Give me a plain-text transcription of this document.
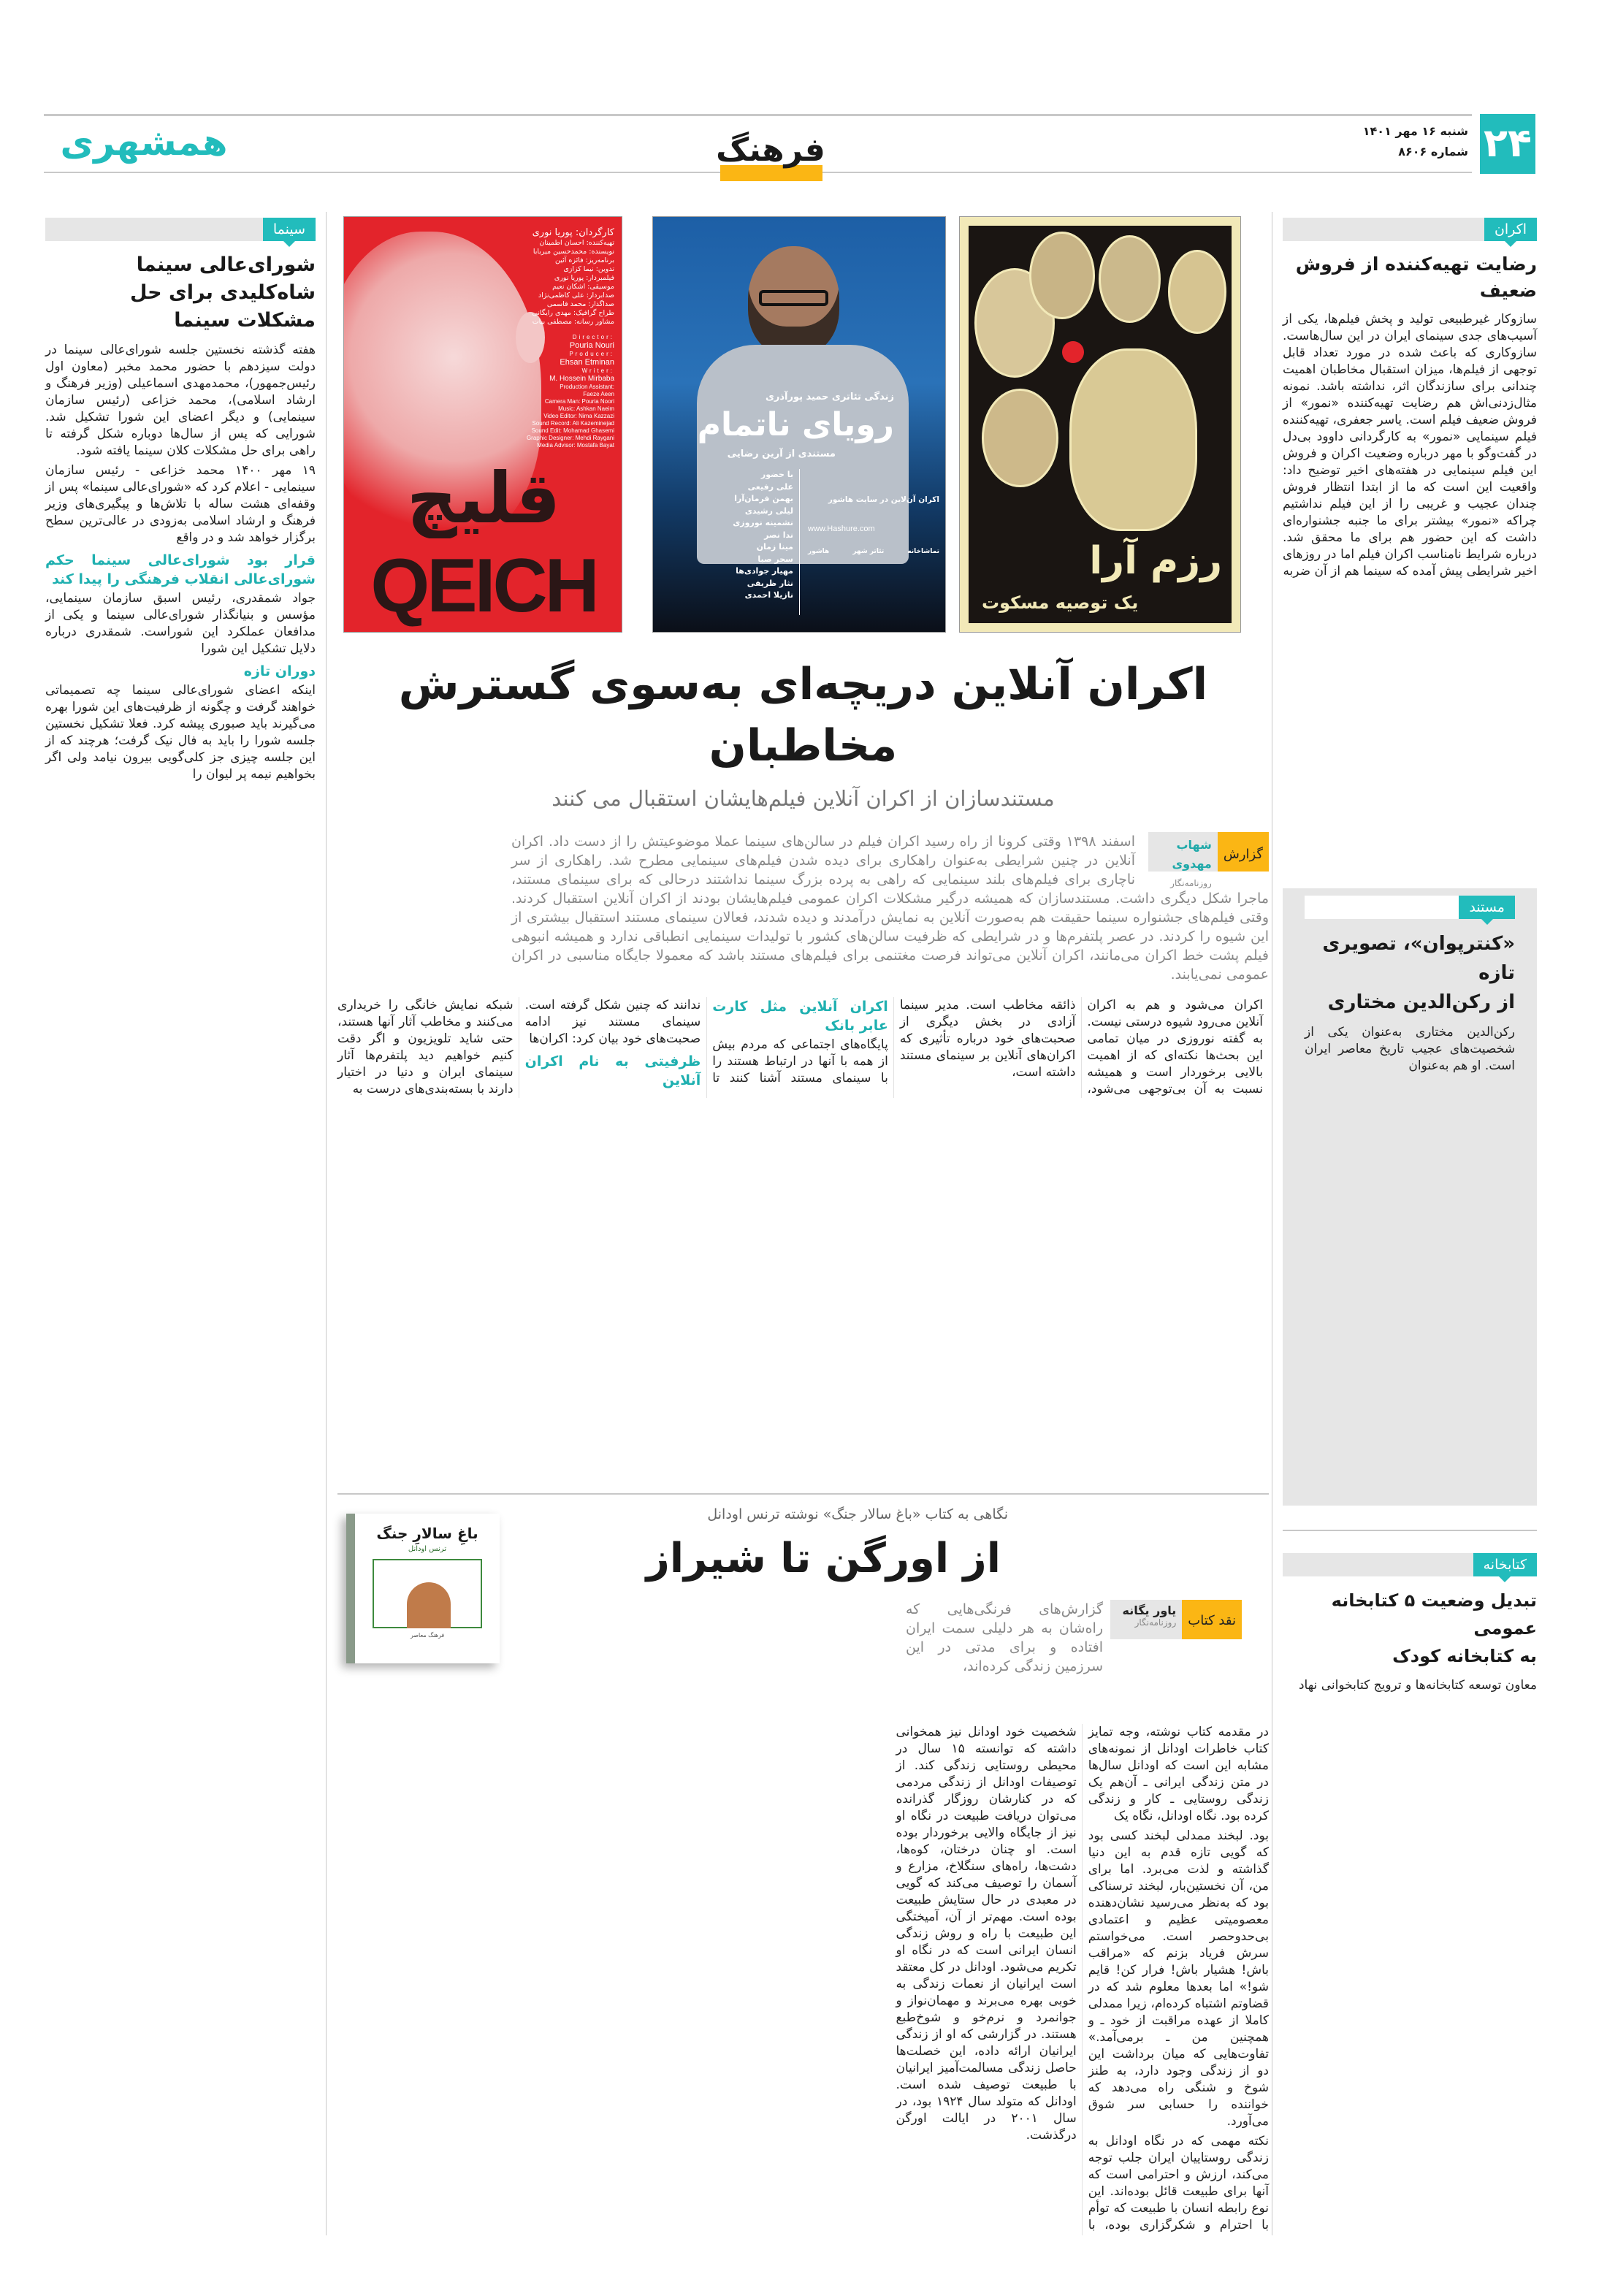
۲۴
شنبه ۱۶ مهر ۱۴۰۱
شماره ۸۶۰۶
همشهری	فرهنگ
سینما
شورای‌عالی سینما
شاه‌کلیدی برای حل مشکلات سینما

هفته گذشته نخستین جلسه شورای‌عالی سینما در دولت سیزدهم با حضور محمد مخبر (معاون اول رئیس‌جمهور)، محمدمهدی اسماعیلی (وزیر فرهنگ و ارشاد اسلامی)، محمد خزاعی (رئیس سازمان سینمایی) و دیگر اعضای این شورا تشکیل شد. شورایی که پس از سال‌ها دوباره شکل گرفته تا راهی برای حل مشکلات کلان سینما یافته شود.

۱۹ مهر ۱۴۰۰ محمد خزاعی - رئیس سازمان سینمایی - اعلام کرد که «شورای‌عالی سینما» پس از وقفه‌ای هشت ساله با تلاش‌ها و پیگیری‌های وزیر فرهنگ و ارشاد اسلامی به‌زودی در عالی‌ترین سطح برگزار خواهد شد و در واقع

قرار بود شورای‌عالی سینما حکم شورای‌عالی انقلاب فرهنگی را پیدا کند

جواد شمقدری، رئیس اسبق سازمان سینمایی، مؤسس و بنیانگذار شورای‌عالی سینما و یکی از مدافعان عملکرد این شوراست. شمقدری درباره دلایل تشکیل این شورا

دوران تازه

اینکه اعضای شورای‌عالی سینما چه تصمیماتی خواهند گرفت و چگونه از ظرفیت‌های این شورا بهره می‌گیرند باید صبوری پیشه کرد. فعلا تشکیل نخستین جلسه شورا را باید به فال نیک گرفت؛ هرچند که از این جلسه چیزی جز کلی‌گویی بیرون نیامد ولی اگر بخواهیم نیمه پر لیوان را

کارگردان: پوریا نوری
تهیه‌کننده: احسان اطمینان
نویسنده: محمدحسین میربابا
برنامه‌ریز: فائزه آئین
تدوین: نیما کزازی
فیلمبردار: پوریا نوری
موسیقی: اشکان نعیم
صدابردار: علی کاظمی‌نژاد
صداگذار: محمد قاسمی
طراح گرافیک: مهدی رایگانی
مشاور رسانه: مصطفی بیات
Director:
Pouria Nouri
Producer:
Ehsan Etminan
Writer:
M. Hossein Mirbaba
Production Assistant:
Faeze Aeen
Camera Man: Pouria Noori
Music: Ashkan Naeim
Video Editor: Nima Kazzazi
Sound Record: Ali Kazeminejad
Sound Edit: Mohamad Ghasemi
Graphic Designer: Mehdi Raygani
Media Advisor: Mostafa Bayat
قلیچ
QEICH
زندگی تئاتری حمید پورآذری
رویای ناتمام
مستندی از آرین رضایی
با حضور
علی رفیعی
بهمن فرمان‌آرا
لیلی رشیدی
نشمینه نوروزی
ندا نصر
مینا زمان
سحر صبا
مهیار جوادی‌ها
نثار ظریفی
نازیلا احمدی
اکران آن‌لاین در سایت هاشور
www.Hashure.com
تماشاخانه
تئاتر شهر
هاشور	رزم آرا
یک توصیه مسکوت
اکران آنلاین دریچه‌ای به‌سوی گسترش مخاطبان
مستندسازان از اکران آنلاین فیلم‌هایشان استقبال می کنند
گزارش
شهاب مهدوی
روزنامه‌نگار
اسفند ۱۳۹۸ وقتی کرونا از راه رسید اکران فیلم در سالن‌های سینما عملا موضوعیتش را از دست داد. اکران آنلاین در چنین شرایطی به‌عنوان راهکاری برای دیده شدن فیلم‌های سینمایی مطرح شد. راهکاری از سر ناچاری برای فیلم‌های بلند سینمایی که راهی به پرده بزرگ سینما نداشتند درحالی که برای سینمای مستند، ماجرا شکل دیگری داشت. مستندسازان که همیشه درگیر مشکلات اکران عمومی فیلم‌هایشان بودند از اکران آنلاین استقبال کردند. وقتی فیلم‌های جشنواره سینما حقیقت هم به‌صورت آنلاین به نمایش درآمدند و دیده شدند، فعالان سینمای مستند استقبال بیشتری از این شیوه را کردند. در عصر پلتفرم‌ها و در شرایطی که ظرفیت سالن‌های کشور با تولیدات سینمایی انطباقی ندارد و همیشه انبوهی فیلم پشت خط اکران می‌مانند، اکران آنلاین می‌تواند فرصت مغتنمی برای فیلم‌های مستند باشد که معمولا جایگاه مناسبی در اکران عمومی نمی‌یابند.

اکران می‌شود و هم به اکران آنلاین می‌رود شیوه درستی نیست. به گفته نوروزی در میان تمامی این بحث‌ها نکته‌ای که از اهمیت بالایی برخوردار است و همیشه نسبت به آن بی‌توجهی می‌شود، ذائقه مخاطب است. مدیر سینما آزادی در بخش دیگری از صحبت‌های خود درباره تأثیری که اکران‌های آنلاین بر سینمای مستند داشته است،

اکران آنلاین مثل کارت عابر بانک

پایگاه‌های اجتماعی که مردم بیش از همه با آنها در ارتباط هستند را با سینمای مستند آشنا کنند تا ندانند که چنین شکل گرفته است. سینمای مستند نیز ادامه صحبت‌های خود بیان کرد: اکران‌ها

ظرفیتی به نام اکران آنلاین

شبکه نمایش خانگی را خریداری می‌کنند و مخاطب آثار آنها هستند، حتی شاید تلویزیون و اگر دقت کنیم خواهیم دید پلتفرم‌ها آثار سینمای ایران و دنیا در اختیار دارند با بسته‌بندی‌های درست به

نگاهی به کتاب «باغ سالار جنگ» نوشته ترنس اودانل
از اورگن تا شیراز
نقد کتاب
یاور یگانه
روزنامه‌نگار
گزارش‌های فرنگی‌هایی که راه‌شان به هر دلیلی سمت ایران افتاده و برای مدتی در این سرزمین زندگی کرده‌اند،
باغِ سالارِ جنگ
ترنس اودانل
فرهنگ معاصر

در مقدمه کتاب نوشته، وجه تمایز کتاب خاطرات اودانل از نمونه‌های مشابه این است که اودانل سال‌ها در متن زندگی ایرانی ـ آن‌هم یک زندگی روستایی ـ کار و زندگی کرده بود. نگاه اودانل، نگاه یک

بود. لبخند ممدلی لبخند کسی بود که گویی تازه قدم به این دنیا گذاشته و لذت می‌برد. اما برای من، آن نخستین‌بار، لبخند ترسناکی بود که به‌نظر می‌رسید نشان‌دهنده معصومیتی عظیم و اعتمادی بی‌حدوحصر است. می‌خواستم سرش فریاد بزنم که «مراقب باش! هشیار باش! فرار کن! قایم شو!» اما بعدها معلوم شد که در قضاوتم اشتباه کرده‌ام، زیرا ممدلی کاملا از عهده مراقبت از خود ـ و همچنین من ـ برمی‌آمد.» تفاوت‌هایی که میان برداشت این دو از زندگی وجود دارد، به طنز شوخ و شنگی راه می‌دهد که خواننده را حسابی سر شوق می‌آورد.

نکته مهمی که در نگاه اودانل به زندگی روستاییان ایران جلب توجه می‌کند، ارزش و احترامی است که آنها برای طبیعت قائل بوده‌اند. این نوع رابطه انسان با طبیعت که توأم با احترام و شکرگزاری بوده، با شخصیت خود اودانل نیز همخوانی داشته که توانسته ۱۵ سال در محیطی روستایی زندگی کند. از توصیفات اودانل از زندگی مردمی که در کنارشان روزگار گذرانده می‌توان دریافت طبیعت در نگاه او نیز از جایگاه والایی برخوردار بوده است. او چنان درختان، کوه‌ها، دشت‌ها، راه‌های سنگلاخ، مزارع و آسمان را توصیف می‌کند که گویی در معبدی در حال ستایش طبیعت بوده است. مهم‌تر از آن، آمیختگی این طبیعت با راه و روش زندگی انسان ایرانی است که در نگاه او تکریم می‌شود. اودانل در کل معتقد است ایرانیان از نعمات زندگی به خوبی بهره می‌برند و مهمان‌نواز و جوانمرد و نرم‌خو و شوخ‌طبع هستند. در گزارشی که او از زندگی ایرانیان ارائه داده، این خصلت‌ها حاصل زندگی مسالمت‌آمیز ایرانیان با طبیعت توصیف شده است. اودانل که متولد سال ۱۹۲۴ بود، در سال ۲۰۰۱ در ایالت اورگن درگذشت.

اکران
رضایت تهیه‌کننده از فروش ضعیف

سازوکار غیرطبیعی تولید و پخش فیلم‌ها، یکی از آسیب‌های جدی سینمای ایران در این سال‌هاست. سازوکاری که باعث شده در مورد تعداد قابل توجهی از فیلم‌ها، میزان استقبال مخاطبان اهمیت چندانی برای سازندگان اثر، نداشته باشد. نمونه مثال‌زدنی‌اش هم رضایت تهیه‌کننده «نمور» از فروش ضعیف فیلم است. یاسر جعفری، تهیه‌کننده فیلم سینمایی «نمور» به کارگردانی داوود بی‌دل در گفت‌وگو با مهر درباره وضعیت اکران و فروش این فیلم سینمایی در هفته‌های اخیر توضیح داد: واقعیت این است که ما از ابتدا انتظار فروش چندان عجیب و غریبی را از این فیلم نداشتیم چراکه «نمور» بیشتر برای ما جنبه جشنواره‌ای داشت که این حضور هم برای ما محقق شد. درباره شرایط نامناسب اکران فیلم اما در روزهای اخیر شرایطی پیش آمده که سینما هم از آن ضربه

مستند
«کنترپوان»، تصویری تازه
از رکن‌الدین مختاری

رکن‌الدین مختاری به‌عنوان یکی از شخصیت‌های عجیب تاریخ معاصر ایران است. او هم به‌عنوان

کتابخانه
تبدیل وضعیت ۵ کتابخانه عمومی
به کتابخانه کودک

معاون توسعه کتابخانه‌ها و ترویج کتابخوانی نهاد
